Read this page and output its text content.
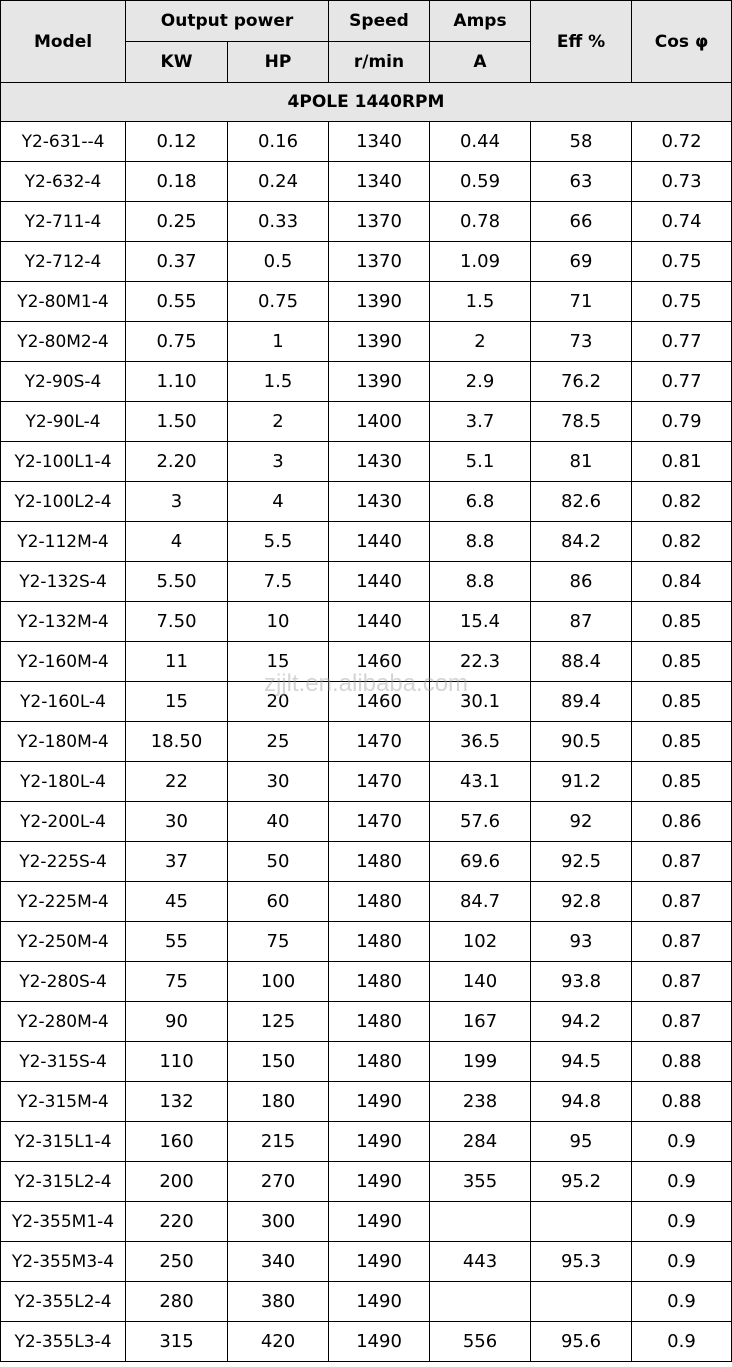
Model	Output power		Speed	Amps	Eff %	Cos φ
	KW	HP	r/min	A		
4POLE 1440RPM						
Y2-631--4	0.12	0.16	1340	0.44	58	0.72
Y2-632-4	0.18	0.24	1340	0.59	63	0.73
Y2-711-4	0.25	0.33	1370	0.78	66	0.74
Y2-712-4	0.37	0.5	1370	1.09	69	0.75
Y2-80M1-4	0.55	0.75	1390	1.5	71	0.75
Y2-80M2-4	0.75	1	1390	2	73	0.77
Y2-90S-4	1.10	1.5	1390	2.9	76.2	0.77
Y2-90L-4	1.50	2	1400	3.7	78.5	0.79
Y2-100L1-4	2.20	3	1430	5.1	81	0.81
Y2-100L2-4	3	4	1430	6.8	82.6	0.82
Y2-112M-4	4	5.5	1440	8.8	84.2	0.82
Y2-132S-4	5.50	7.5	1440	8.8	86	0.84
Y2-132M-4	7.50	10	1440	15.4	87	0.85
Y2-160M-4	11	15	1460	22.3	88.4	0.85
Y2-160L-4	15	20	1460	30.1	89.4	0.85
Y2-180M-4	18.50	25	1470	36.5	90.5	0.85
Y2-180L-4	22	30	1470	43.1	91.2	0.85
Y2-200L-4	30	40	1470	57.6	92	0.86
Y2-225S-4	37	50	1480	69.6	92.5	0.87
Y2-225M-4	45	60	1480	84.7	92.8	0.87
Y2-250M-4	55	75	1480	102	93	0.87
Y2-280S-4	75	100	1480	140	93.8	0.87
Y2-280M-4	90	125	1480	167	94.2	0.87
Y2-315S-4	110	150	1480	199	94.5	0.88
Y2-315M-4	132	180	1490	238	94.8	0.88
Y2-315L1-4	160	215	1490	284	95	0.9
Y2-315L2-4	200	270	1490	355	95.2	0.9
Y2-355M1-4	220	300	1490			0.9
Y2-355M3-4	250	340	1490	443	95.3	0.9
Y2-355L2-4	280	380	1490			0.9
Y2-355L3-4	315	420	1490	556	95.6	0.9
zjjlt.en.alibaba.com
